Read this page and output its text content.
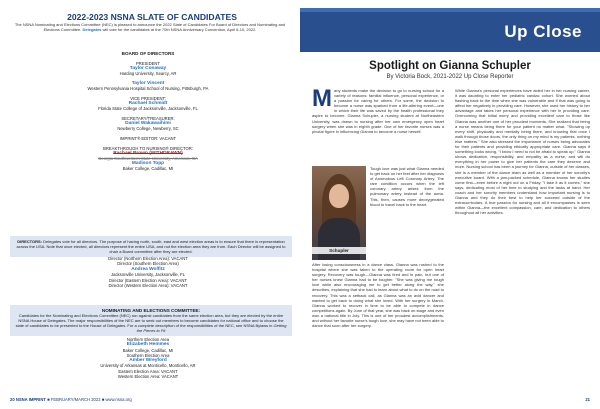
2022-2023 NSNA SLATE OF CANDIDATES
The NSNA Nominating and Elections Committee (NEC) is pleased to announce the 2022 Slate of Candidates For Board of Directors and Nominating and Elections Committee. Delegates will vote for the candidates at the 70th NSNA Anniversary Convention, April 6-10, 2022.
BOARD OF DIRECTORS
PRESIDENT
Taylor Conaway
Harding University, Searcy, AR
Taylor Vincent
Western Pennsylvania Hospital School of Nursing, Pittsburgh, PA
VICE PRESIDENT:
Rachael Schmidt
Florida State College of Jacksonville, Jacksonville, FL
SECRETARY/TREASURER:
Daniel Wakawaihimi
Newberry College, Newberry, SC
IMPRINT® EDITOR: VACANT
BREAKTHROUGH TO NURSING® DIRECTOR:
Rachael Brown (WITHDRAWN)
Georgia Southwestern State University, Americus, GA
Madison Topp
Baker College, Cadillac, MI
DIRECTORS: Delegates vote for all directors. The purpose of having north, south, east and west election areas is to ensure that there is representation across the USA. Note that once elected, all directors represent the entire USA, and not the election area they are from. Each Director will be assigned to chair a Board committee after they are elected.
Director (Northern Election Area): VACANT
Director (Southern Election Area)
Andrea Wolfitz
Jacksonville University, Jacksonville, FL
Director (Eastern Election Area): VACANT
Director (Western Election Area): VACANT
NOMINATING AND ELECTIONS COMMITTEE:
Candidates for the Nominating and Elections Committee (NEC) run against candidates from the same election area, but they are elected by the entire NSNA House of Delegates. The major responsibilities of the NEC are to seek out members to become candidates for national office and to choose the slate of candidates to be presented to the House of Delegates. For a complete description of the responsibilities of the NEC, see NSNA Bylaws in Getting the Pieces to Fit
Northern Election Area
Elizabeth Hemmes
Baker College, Cadillac, MI
Southern Election Area
Amber Wreyford
University of Arkansas at Monticello, Monticello, AR
Eastern Election Area: VACANT
Western Election Area: VACANT
20 NSNA IMPRINT ■ FEBRUARY/MARCH 2022 ■ www.nsna.org
Up Close
Spotlight on Gianna Schupler
By Victoria Bock, 2021-2022 Up Close Reporter
M any students make the decision to go to nursing school for a variety of reasons: familial influence, personal experience, or a passion for caring for others. For some, the decision to become a nurse was sparked from a life-altering event—one in which their life was saved by the health professional they aspire to become. Gianna Schupler, a nursing student at Northeastern University, was drawn to nursing after her own emergency open heart surgery when she was in eighth grade. One of her favorite nurses was a pivotal figure in influencing Gianna to become a nurse herself.
Schupler
Tough love was just what Gianna needed to get back on her feet after her diagnosis of Anomalous Left Coronary Artery. The rare condition occurs when the left coronary artery arises from the pulmonary artery instead of the aorta. This, then, causes more deoxygenated blood to travel back to the heart.
After losing consciousness in a dance class, Gianna was rushed to the hospital where she was taken to the operating room for open heart surgery. Recovery was tough—Gianna was tired and in pain, but one of her nurses knew Gianna had to be tougher. "She was giving me tough love while also encouraging me to get better along the way," she describes, explaining that she had to learn about what to do on the road to recovery. This was a setback call, as Gianna was an avid dancer and wanted to get back to doing what she loved. With her surgery in March, Gianna worked to recover in time to be able to compete in dance competitions again. By June of that year, she was back on stage and even won a national title in July. This is one of her proudest accomplishments, and without her favorite nurse's tough love, she may have not been able to dance that soon after her surgery.
While Gianna's personal experiences have aided her in her nursing career, it was daunting to enter her pediatric cardiac cohort. She worried about flashing back to the time when she was vulnerable and if that was going to affect her negatively in providing care. However, she used her history to her advantage and takes her personal experience with her in providing care. Overcoming that initial worry and providing excellent care to those like Gianna was another one of her proudest moments. She realized that being a nurse means being there for your patient no matter what. "Showing up every shift, physically and mentally being there, and knowing that once I walk through those doors, the only thing on my mind is my patients, nothing else matters." She also stressed the importance of nurses being advocates for their patients and providing ethically appropriate care. Gianna says if something looks wrong, "I know I need to not be afraid to speak up." Gianna shows dedication, responsibility, and empathy as a nurse, and will do everything in her power to give her patients the care they deserve and more. Nursing school has been a journey for Gianna, outside of her classes, she is a member of the dance team as well as a member of her sorority's executive board. With a jam-packed schedule, Gianna knows her studies come first—even before a night out on a Friday. "I take it as it comes," she says, dedicating most of her time to studying and the tasks at hand. Her coach and her sorority members understand how important nursing is to Gianna and they do their best to help her succeed outside of the extracurriculars. A true passion for nursing and all it encompasses is seen within Gianna—the excellent compassion, care, and dedication to others throughout all her activities.
21
